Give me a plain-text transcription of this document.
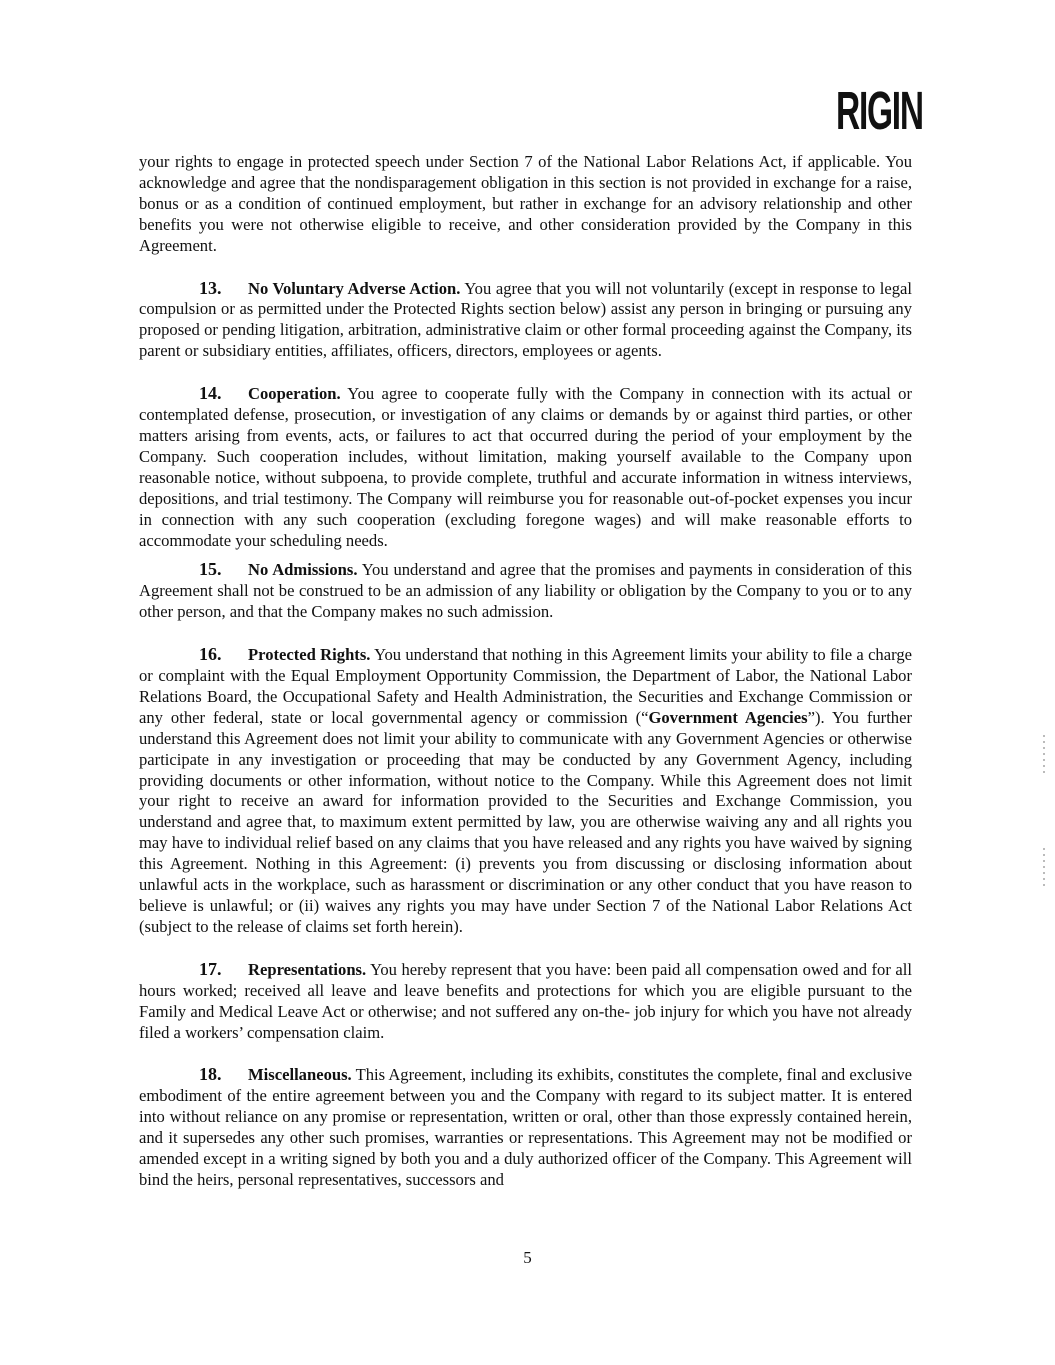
RIGIN

your rights to engage in protected speech under Section 7 of the National Labor Relations Act, if applicable. You acknowledge and agree that the nondisparagement obligation in this section is not provided in exchange for a raise, bonus or as a condition of continued employment, but rather in exchange for an advisory relationship and other benefits you were not otherwise eligible to receive, and other consideration provided by the Company in this Agreement.

13. No Voluntary Adverse Action. You agree that you will not voluntarily (except in response to legal compulsion or as permitted under the Protected Rights section below) assist any person in bringing or pursuing any proposed or pending litigation, arbitration, administrative claim or other formal proceeding against the Company, its parent or subsidiary entities, affiliates, officers, directors, employees or agents.

14. Cooperation. You agree to cooperate fully with the Company in connection with its actual or contemplated defense, prosecution, or investigation of any claims or demands by or against third parties, or other matters arising from events, acts, or failures to act that occurred during the period of your employment by the Company. Such cooperation includes, without limitation, making yourself available to the Company upon reasonable notice, without subpoena, to provide complete, truthful and accurate information in witness interviews, depositions, and trial testimony. The Company will reimburse you for reasonable out-of-pocket expenses you incur in connection with any such cooperation (excluding foregone wages) and will make reasonable efforts to accommodate your scheduling needs.

15. No Admissions. You understand and agree that the promises and payments in consideration of this Agreement shall not be construed to be an admission of any liability or obligation by the Company to you or to any other person, and that the Company makes no such admission.

16. Protected Rights. You understand that nothing in this Agreement limits your ability to file a charge or complaint with the Equal Employment Opportunity Commission, the Department of Labor, the National Labor Relations Board, the Occupational Safety and Health Administration, the Securities and Exchange Commission or any other federal, state or local governmental agency or commission (“Government Agencies”). You further understand this Agreement does not limit your ability to communicate with any Government Agencies or otherwise participate in any investigation or proceeding that may be conducted by any Government Agency, including providing documents or other information, without notice to the Company. While this Agreement does not limit your right to receive an award for information provided to the Securities and Exchange Commission, you understand and agree that, to maximum extent permitted by law, you are otherwise waiving any and all rights you may have to individual relief based on any claims that you have released and any rights you have waived by signing this Agreement. Nothing in this Agreement: (i) prevents you from discussing or disclosing information about unlawful acts in the workplace, such as harassment or discrimination or any other conduct that you have reason to believe is unlawful; or (ii) waives any rights you may have under Section 7 of the National Labor Relations Act (subject to the release of claims set forth herein).

17. Representations. You hereby represent that you have: been paid all compensation owed and for all hours worked; received all leave and leave benefits and protections for which you are eligible pursuant to the Family and Medical Leave Act or otherwise; and not suffered any on-the- job injury for which you have not already filed a workers’ compensation claim.

18. Miscellaneous. This Agreement, including its exhibits, constitutes the complete, final and exclusive embodiment of the entire agreement between you and the Company with regard to its subject matter. It is entered into without reliance on any promise or representation, written or oral, other than those expressly contained herein, and it supersedes any other such promises, warranties or representations. This Agreement may not be modified or amended except in a writing signed by both you and a duly authorized officer of the Company. This Agreement will bind the heirs, personal representatives, successors and

5
